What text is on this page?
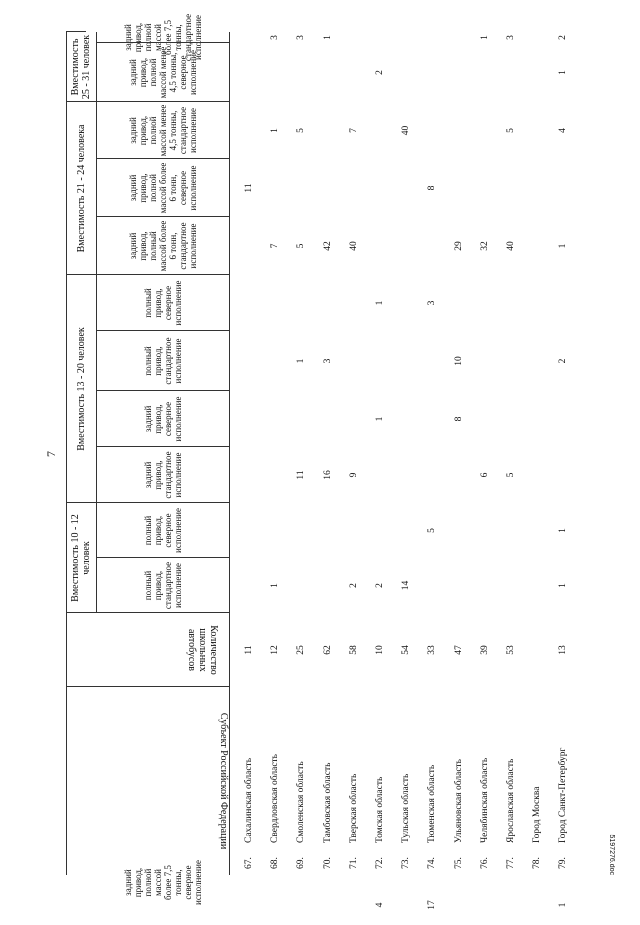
7
5197276.doc
Субъект Российской Федерации
Количество школьных автобусов
Вместимость 10 - 12 человек
Вместимость 13 - 20 человек
Вместимость 21 - 24 человека
Вместимость 25 - 31 человек
полный привод, стандартное исполнение
полный привод, северное исполнение
задний привод, стандартное исполнение
задний привод, северное исполнение
полный привод, стандартное исполнение
полный привод, северное исполнение
задний привод, полный массой более 6 тонн, стандартное исполнение
задний привод, полной массой более 6 тонн, северное исполнение
задний привод, полной массой менее 4,5 тонны, стандартное исполнение
задний привод, полной массой менее 4,5 тонны, северное исполнение
задний привод, полной массой более 7,5 тонны, стандартное исполнение
задний привод, полной массой более 7,5 тонны, северное исполнение	67.
Сахалинская область
11
11
68.
Свердловская область
12
1
7
1
3
69.
Смоленская область
25
11
1
5
5
3
70.
Тамбовская область
62
16
3
42
1
71.
Тверская область
58
2
9
40
7
72.
Томская область
10
2
1
1
2
4
73.
Тульская область
54
14
40
74.
Тюменская область
33
5
3
8
17
75.
Ульяновская область
47
8
10
29
76.
Челябинская область
39
6
32
1
77.
Ярославская область
53
5
40
5
3
78.
Город Москва
79.
Город Санкт-Петербург
13
1
1
2
1
4
1
2
1
